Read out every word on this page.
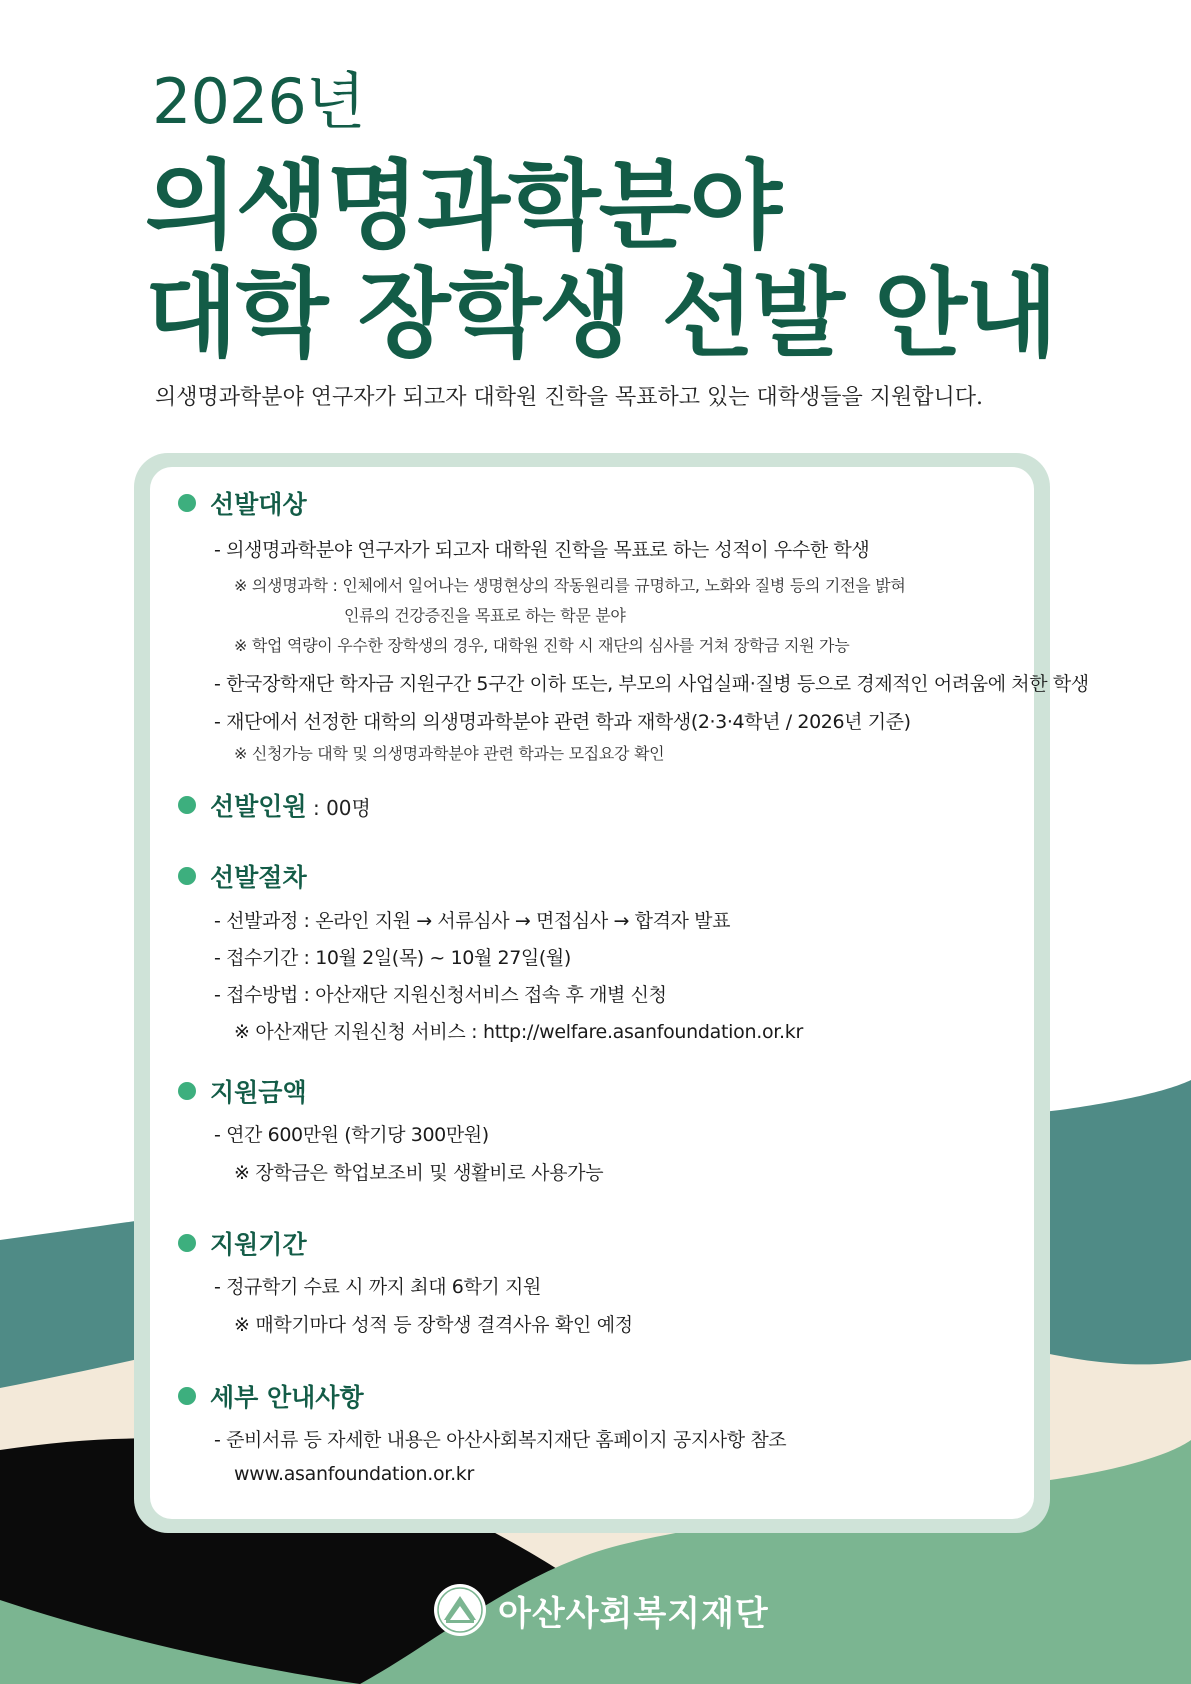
2026년
의생명과학분야
대학 장학생 선발 안내
의생명과학분야 연구자가 되고자 대학원 진학을 목표하고 있는 대학생들을 지원합니다.
선발대상
- 의생명과학분야 연구자가 되고자 대학원 진학을 목표로 하는 성적이 우수한 학생
※ 의생명과학 : 인체에서 일어나는 생명현상의 작동원리를 규명하고, 노화와 질병 등의 기전을 밝혀
인류의 건강증진을 목표로 하는 학문 분야
※ 학업 역량이 우수한 장학생의 경우, 대학원 진학 시 재단의 심사를 거쳐 장학금 지원 가능
- 한국장학재단 학자금 지원구간 5구간 이하 또는, 부모의 사업실패·질병 등으로 경제적인 어려움에 처한 학생
- 재단에서 선정한 대학의 의생명과학분야 관련 학과 재학생(2·3·4학년 / 2026년 기준)
※ 신청가능 대학 및 의생명과학분야 관련 학과는 모집요강 확인
선발인원 : 00명
선발절차
- 선발과정 : 온라인 지원 → 서류심사 → 면접심사 → 합격자 발표
- 접수기간 : 10월 2일(목) ~ 10월 27일(월)
- 접수방법 : 아산재단 지원신청서비스 접속 후 개별 신청
※ 아산재단 지원신청 서비스 : http://welfare.asanfoundation.or.kr
지원금액
- 연간 600만원 (학기당 300만원)
※ 장학금은 학업보조비 및 생활비로 사용가능
지원기간
- 정규학기 수료 시 까지 최대 6학기 지원
※ 매학기마다 성적 등 장학생 결격사유 확인 예정
세부 안내사항
- 준비서류 등 자세한 내용은 아산사회복지재단 홈페이지 공지사항 참조
www.asanfoundation.or.kr
아산사회복지재단
